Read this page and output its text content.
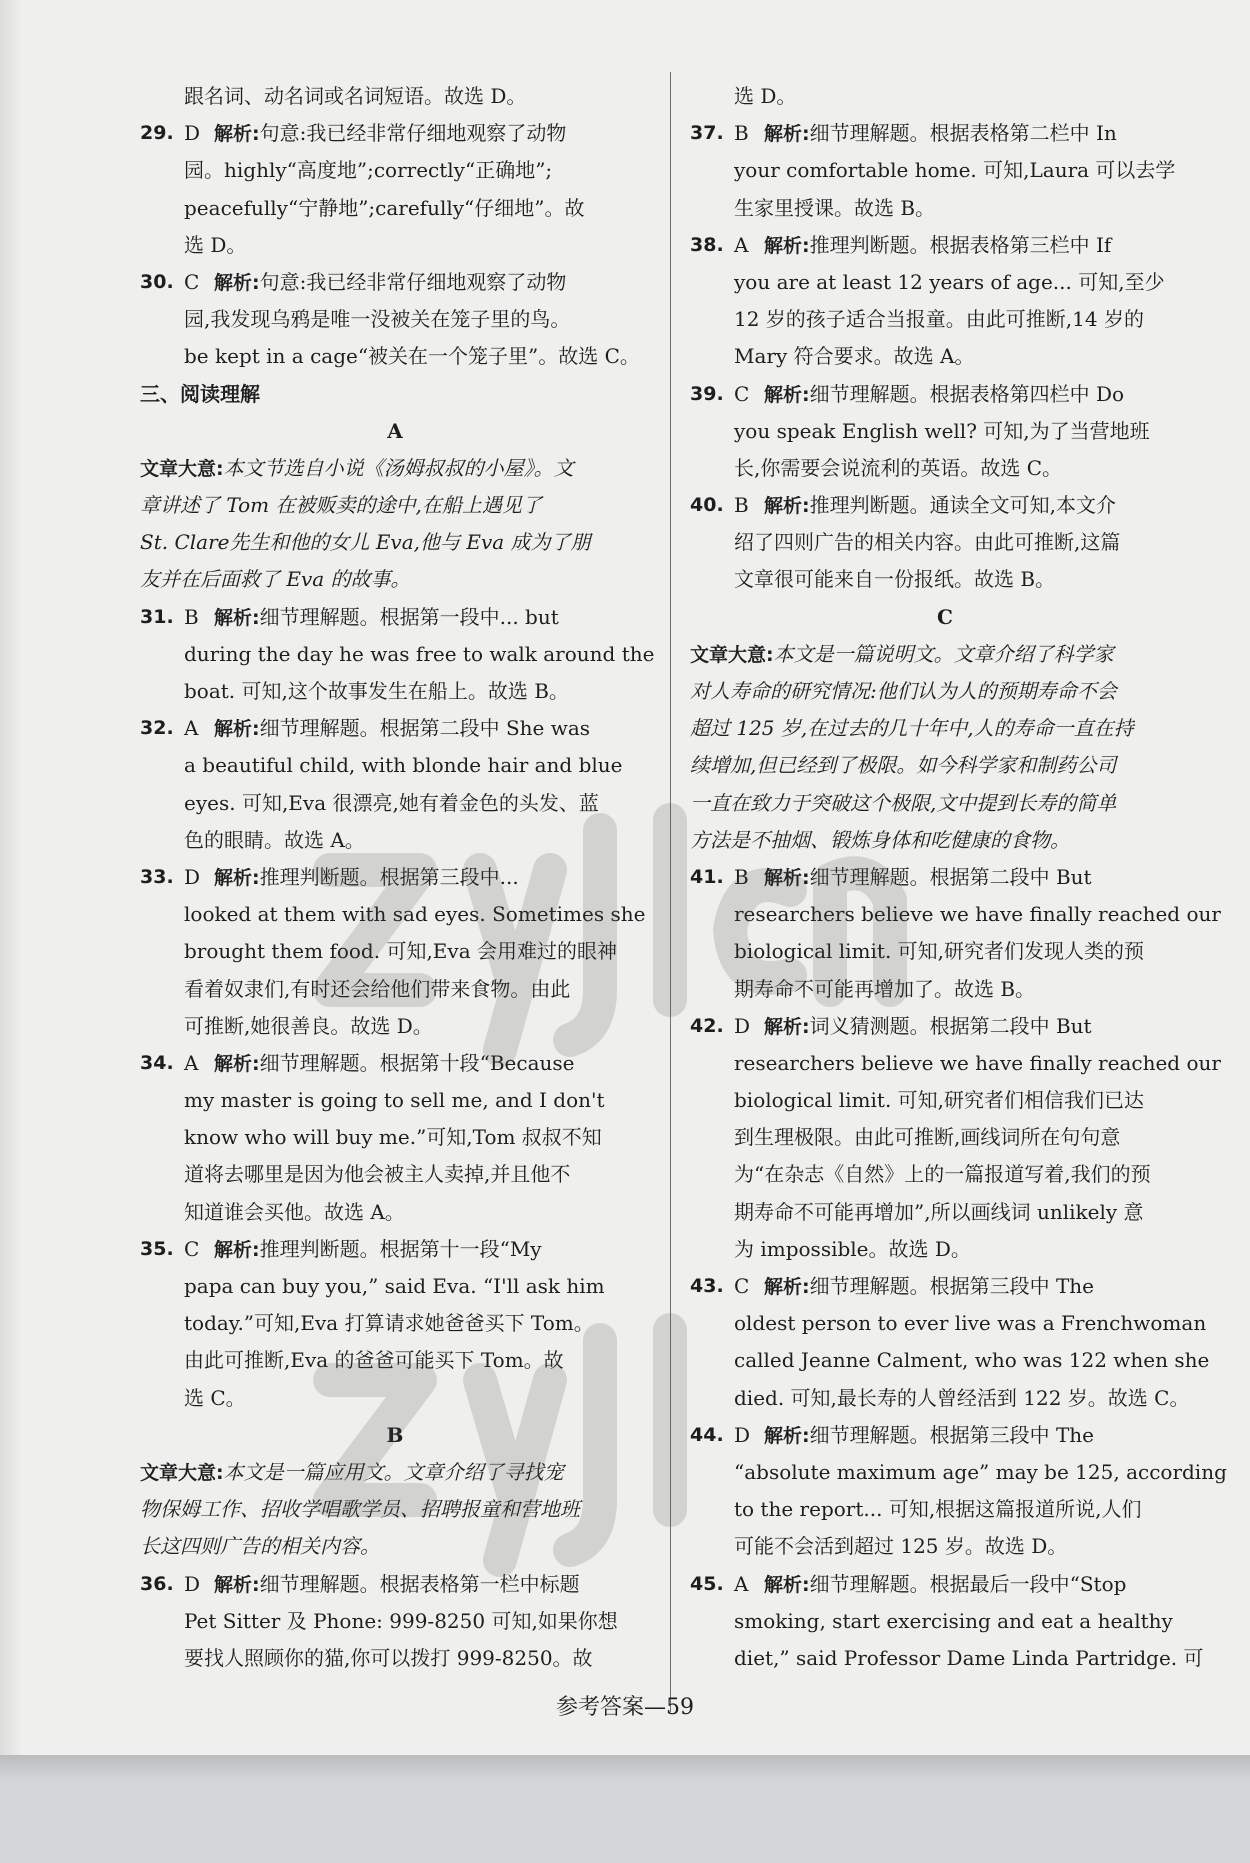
跟名词、动名词或名词短语。故选 D。
29. D 解析:句意:我已经非常仔细地观察了动物
园。highly“高度地”;correctly“正确地”;
peacefully“宁静地”;carefully“仔细地”。故
选 D。
30. C 解析:句意:我已经非常仔细地观察了动物
园,我发现乌鸦是唯一没被关在笼子里的鸟。
be kept in a cage“被关在一个笼子里”。故选 C。
三、阅读理解
A
文章大意:本文节选自小说《汤姆叔叔的小屋》。文
章讲述了 Tom 在被贩卖的途中,在船上遇见了
St. Clare先生和他的女儿 Eva,他与 Eva 成为了朋
友并在后面救了 Eva 的故事。
31. B 解析:细节理解题。根据第一段中... but
during the day he was free to walk around the
boat. 可知,这个故事发生在船上。故选 B。
32. A 解析:细节理解题。根据第二段中 She was
a beautiful child, with blonde hair and blue
eyes. 可知,Eva 很漂亮,她有着金色的头发、蓝
色的眼睛。故选 A。
33. D 解析:推理判断题。根据第三段中...
looked at them with sad eyes. Sometimes she
brought them food. 可知,Eva 会用难过的眼神
看着奴隶们,有时还会给他们带来食物。由此
可推断,她很善良。故选 D。
34. A 解析:细节理解题。根据第十段“Because
my master is going to sell me, and I don't
know who will buy me.”可知,Tom 叔叔不知
道将去哪里是因为他会被主人卖掉,并且他不
知道谁会买他。故选 A。
35. C 解析:推理判断题。根据第十一段“My
papa can buy you,” said Eva. “I'll ask him
today.”可知,Eva 打算请求她爸爸买下 Tom。
由此可推断,Eva 的爸爸可能买下 Tom。故
选 C。
B
文章大意:本文是一篇应用文。文章介绍了寻找宠
物保姆工作、招收学唱歌学员、招聘报童和营地班
长这四则广告的相关内容。
36. D 解析:细节理解题。根据表格第一栏中标题
Pet Sitter 及 Phone: 999-8250 可知,如果你想
要找人照顾你的猫,你可以拨打 999-8250。故
选 D。
37. B 解析:细节理解题。根据表格第二栏中 In
your comfortable home. 可知,Laura 可以去学
生家里授课。故选 B。
38. A 解析:推理判断题。根据表格第三栏中 If
you are at least 12 years of age... 可知,至少
12 岁的孩子适合当报童。由此可推断,14 岁的
Mary 符合要求。故选 A。
39. C 解析:细节理解题。根据表格第四栏中 Do
you speak English well? 可知,为了当营地班
长,你需要会说流利的英语。故选 C。
40. B 解析:推理判断题。通读全文可知,本文介
绍了四则广告的相关内容。由此可推断,这篇
文章很可能来自一份报纸。故选 B。
C
文章大意:本文是一篇说明文。文章介绍了科学家
对人寿命的研究情况:他们认为人的预期寿命不会
超过 125 岁,在过去的几十年中,人的寿命一直在持
续增加,但已经到了极限。如今科学家和制药公司
一直在致力于突破这个极限,文中提到长寿的简单
方法是不抽烟、锻炼身体和吃健康的食物。
41. B 解析:细节理解题。根据第二段中 But
researchers believe we have finally reached our
biological limit. 可知,研究者们发现人类的预
期寿命不可能再增加了。故选 B。
42. D 解析:词义猜测题。根据第二段中 But
researchers believe we have finally reached our
biological limit. 可知,研究者们相信我们已达
到生理极限。由此可推断,画线词所在句句意
为“在杂志《自然》上的一篇报道写着,我们的预
期寿命不可能再增加”,所以画线词 unlikely 意
为 impossible。故选 D。
43. C 解析:细节理解题。根据第三段中 The
oldest person to ever live was a Frenchwoman
called Jeanne Calment, who was 122 when she
died. 可知,最长寿的人曾经活到 122 岁。故选 C。
44. D 解析:细节理解题。根据第三段中 The
“absolute maximum age” may be 125, according
to the report... 可知,根据这篇报道所说,人们
可能不会活到超过 125 岁。故选 D。
45. A 解析:细节理解题。根据最后一段中“Stop
smoking, start exercising and eat a healthy
diet,” said Professor Dame Linda Partridge. 可
参考答案—59
